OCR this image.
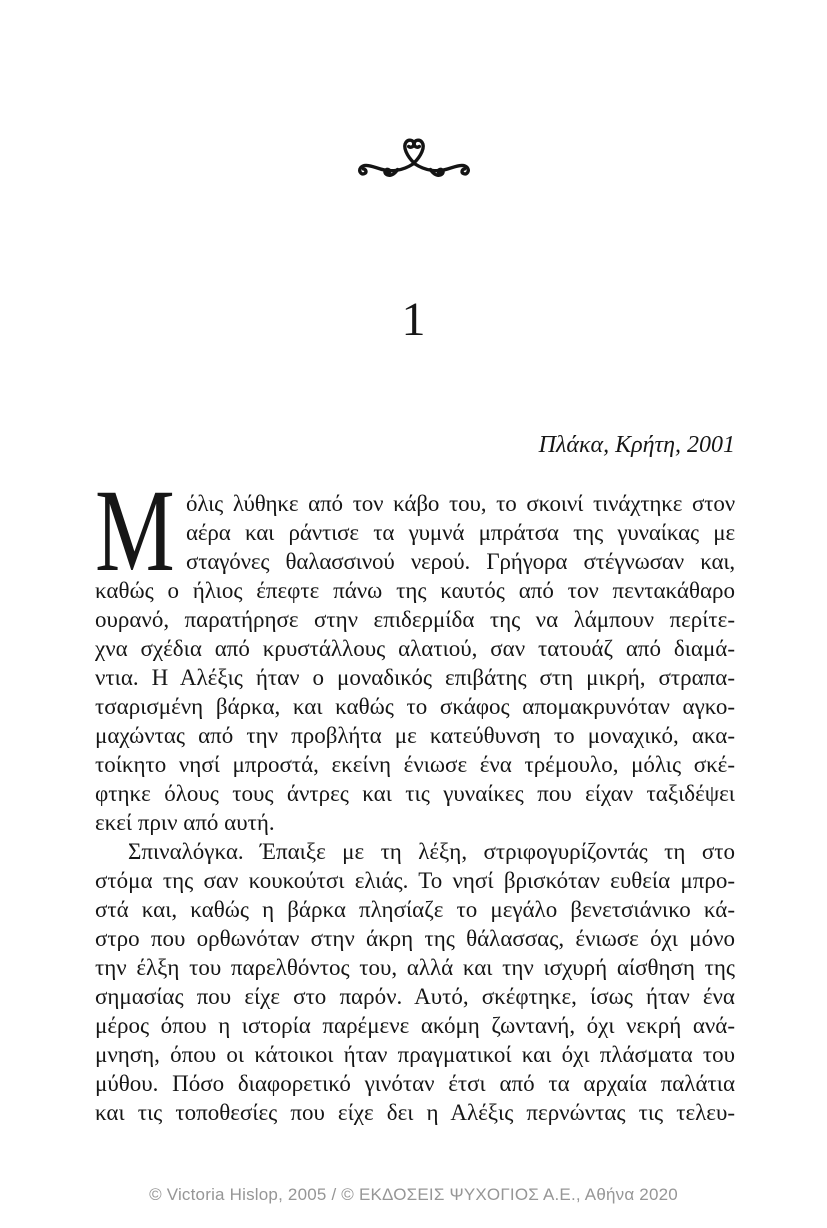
1
Πλάκα, Κρήτη, 2001
Μ όλις λύθηκε από τον κάβο του, το σκοινί τινάχτηκε στον
αέρα και ράντισε τα γυμνά μπράτσα της γυναίκας με
σταγόνες θαλασσινού νερού. Γρήγορα στέγνωσαν και,
καθώς ο ήλιος έπεφτε πάνω της καυτός από τον πεντακάθαρο
ουρανό, παρατήρησε στην επιδερμίδα της να λάμπουν περίτε-
χνα σχέδια από κρυστάλλους αλατιού, σαν τατουάζ από διαμά-
ντια. Η Αλέξις ήταν ο μοναδικός επιβάτης στη μικρή, στραπα-
τσαρισμένη βάρκα, και καθώς το σκάφος απομακρυνόταν αγκο-
μαχώντας από την προβλήτα με κατεύθυνση το μοναχικό, ακα-
τοίκητο νησί μπροστά, εκείνη ένιωσε ένα τρέμουλο, μόλις σκέ-
φτηκε όλους τους άντρες και τις γυναίκες που είχαν ταξιδέψει
εκεί πριν από αυτή.
Σπιναλόγκα. Έπαιξε με τη λέξη, στριφογυρίζοντάς τη στο
στόμα της σαν κουκούτσι ελιάς. Το νησί βρισκόταν ευθεία μπρο-
στά και, καθώς η βάρκα πλησίαζε το μεγάλο βενετσιάνικο κά-
στρο που ορθωνόταν στην άκρη της θάλασσας, ένιωσε όχι μόνο
την έλξη του παρελθόντος του, αλλά και την ισχυρή αίσθηση της
σημασίας που είχε στο παρόν. Αυτό, σκέφτηκε, ίσως ήταν ένα
μέρος όπου η ιστορία παρέμενε ακόμη ζωντανή, όχι νεκρή ανά-
μνηση, όπου οι κάτοικοι ήταν πραγματικοί και όχι πλάσματα του
μύθου. Πόσο διαφορετικό γινόταν έτσι από τα αρχαία παλάτια
και τις τοποθεσίες που είχε δει η Αλέξις περνώντας τις τελευ-
© Victoria Hislop, 2005 / © ΕΚΔΟΣΕΙΣ ΨΥΧΟΓΙΟΣ Α.Ε., Αθήνα 2020
